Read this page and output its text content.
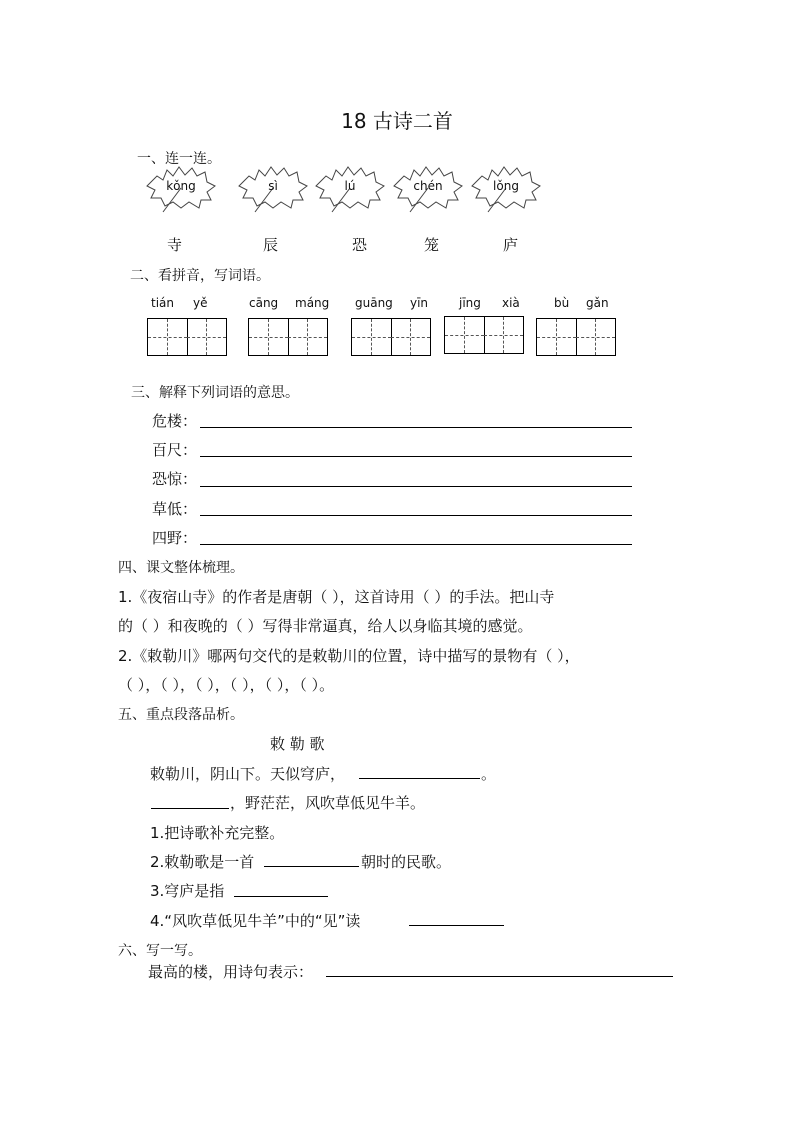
18 古诗二首
一、连一连。
kǒng	sì	lú	chén	lǒng
寺	辰	恐	笼	庐
二、看拼音，写词语。
tián yě	cāng máng guāng yīn	jīng xià	bù gǎn
三、解释下列词语的意思。
危楼：
百尺：
恐惊：
草低：
四野：
四、课文整体梳理。
1.《夜宿山寺》的作者是唐朝（ ），这首诗用（ ）的手法。把山寺
的（ ）和夜晚的（ ）写得非常逼真，给人以身临其境的感觉。
2.《敕勒川》哪两句交代的是敕勒川的位置，诗中描写的景物有（ ），
（ ），（ ），（ ），（ ），（ ），（ ）。
五、重点段落品析。
敕 勒 歌
敕勒川，阴山下。天似穹庐，	。
，野茫茫，风吹草低见牛羊。
1.把诗歌补充完整。
2.敕勒歌是一首	朝时的民歌。
3.穹庐是指
4.“风吹草低见牛羊”中的“见”读
六、写一写。
最高的楼，用诗句表示：
